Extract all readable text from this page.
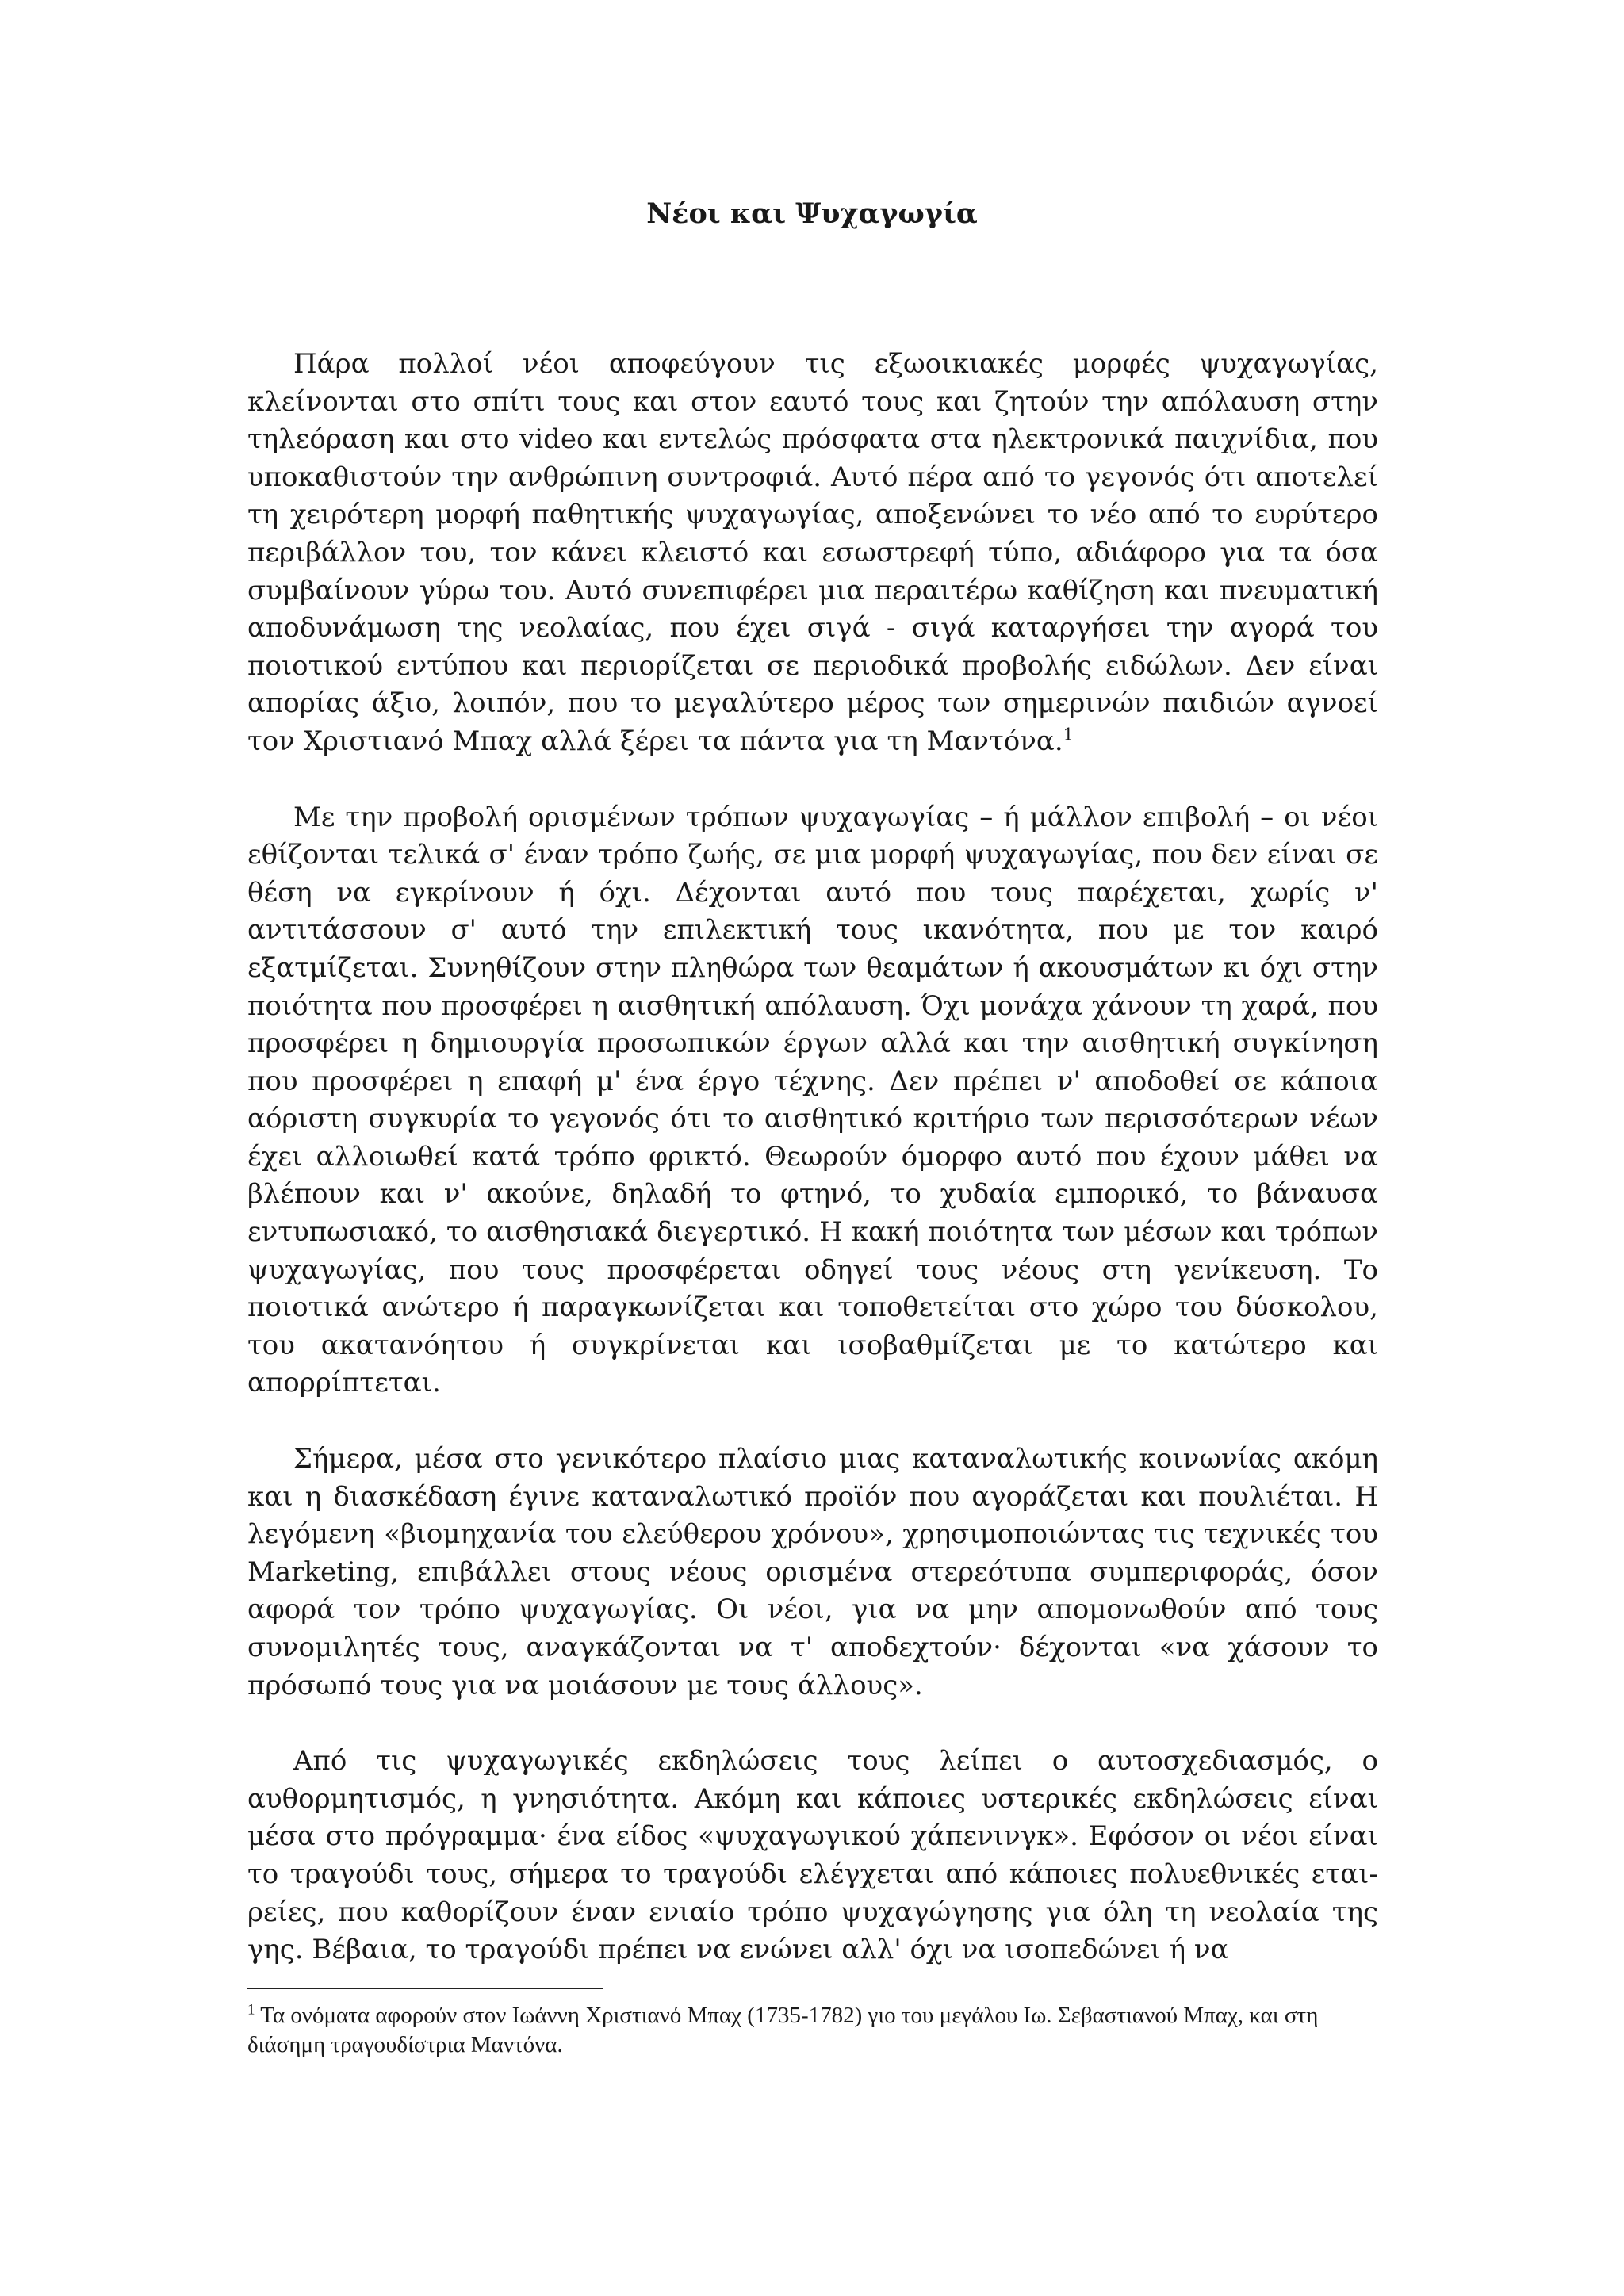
Νέοι και Ψυχαγωγία

Πάρα πολλοί νέοι αποφεύγουν τις εξωοικιακές μορφές ψυχαγωγίας, κλείνονται στο σπίτι τους και στον εαυτό τους και ζητούν την απόλαυση στην τηλεόραση και στο video και εντελώς πρόσφατα στα ηλεκτρονικά παιχνίδια, που υποκαθιστούν την ανθρώπινη συντροφιά. Αυτό πέρα από το γεγονός ότι αποτελεί τη χειρότερη μορφή παθητικής ψυχαγωγίας, αποξενώνει το νέο από το ευρύτερο περιβάλλον του, τον κάνει κλειστό και εσωστρεφή τύπο, αδιάφορο για τα όσα συμβαίνουν γύρω του. Αυτό συνεπιφέρει μια περαιτέρω καθίζηση και πνευματική αποδυνάμωση της νεολαίας, που έχει σιγά - σιγά καταργήσει την αγορά του ποιοτικού εντύπου και περιορίζεται σε περιοδικά προβολής ειδώλων. Δεν είναι απορίας άξιο, λοιπόν, που το μεγαλύτερο μέρος των σημερινών παιδιών αγνοεί τον Χριστιανό Μπαχ αλλά ξέρει τα πάντα για τη Μαντόνα.$^1$

Με την προβολή ορισμένων τρόπων ψυχαγωγίας – ή μάλλον επιβολή – οι νέοι εθίζονται τελικά σ' έναν τρόπο ζωής, σε μια μορφή ψυχαγωγίας, που δεν είναι σε θέση να εγκρίνουν ή όχι. Δέχονται αυτό που τους παρέχεται, χωρίς ν' αντιτάσσουν σ' αυτό την επιλεκτική τους ικανότητα, που με τον καιρό εξατμίζεται. Συνηθίζουν στην πληθώρα των θεαμάτων ή ακουσμάτων κι όχι στην ποιότητα που προσφέρει η αισθητική απόλαυση. Όχι μονάχα χάνουν τη χαρά, που προσφέρει η δημιουργία προσωπικών έργων αλλά και την αισθητική συγκίνηση που προσφέρει η επαφή μ' ένα έργο τέχνης. Δεν πρέπει ν' αποδοθεί σε κάποια αόριστη συγκυρία το γεγονός ότι το αισθητικό κριτήριο των περισσότερων νέων έχει αλλοιωθεί κατά τρόπο φρικτό. Θεωρούν όμορφο αυτό που έχουν μάθει να βλέπουν και ν' ακούνε, δηλαδή το φτηνό, το χυδαία εμπορικό, το βάναυσα εντυπωσιακό, το αισθησιακά διεγερτικό. Η κακή ποιότητα των μέσων και τρόπων ψυχαγωγίας, που τους προσφέρεται οδηγεί τους νέους στη γενίκευση. Το ποιοτικά ανώτερο ή παραγκωνίζεται και τοποθετείται στο χώρο του δύσκολου, του ακατανόητου ή συγκρίνεται και ισοβαθμίζεται με το κατώτερο και απορρίπτεται.

Σήμερα, μέσα στο γενικότερο πλαίσιο μιας καταναλωτικής κοινωνίας ακόμη και η διασκέδαση έγινε καταναλωτικό προϊόν που αγοράζεται και πουλιέται. Η λεγόμενη «βιομηχανία του ελεύθερου χρόνου», χρησιμοποιώντας τις τεχνικές του Marketing, επιβάλλει στους νέους ορισμένα στερεότυπα συμπεριφοράς, όσον αφορά τον τρόπο ψυχαγωγίας. Οι νέοι, για να μην απομονωθούν από τους συνομιλητές τους, αναγκάζονται να τ' αποδεχτούν· δέχονται «να χάσουν το πρόσωπό τους για να μοιάσουν με τους άλλους».

Από τις ψυχαγωγικές εκδηλώσεις τους λείπει ο αυτοσχεδιασμός, ο αυθορμητισμός, η γνησιότητα. Ακόμη και κάποιες υστερικές εκδηλώσεις είναι μέσα στο πρόγραμμα· ένα είδος «ψυχαγωγικού χάπενινγκ». Εφόσον οι νέοι είναι το τραγούδι τους, σήμερα το τραγούδι ελέγχεται από κάποιες πολυεθνικές εταιρείες, που καθορίζουν έναν ενιαίο τρόπο ψυχαγώγησης για όλη τη νεολαία της γης. Βέβαια, το τραγούδι πρέπει να ενώνει αλλ' όχι να ισοπεδώνει ή να

$^1$ Τα ονόματα αφορούν στον Ιωάννη Χριστιανό Μπαχ (1735-1782) γιο του μεγάλου Ιω. Σεβαστιανού Μπαχ, και στη διάσημη τραγουδίστρια Μαντόνα.
